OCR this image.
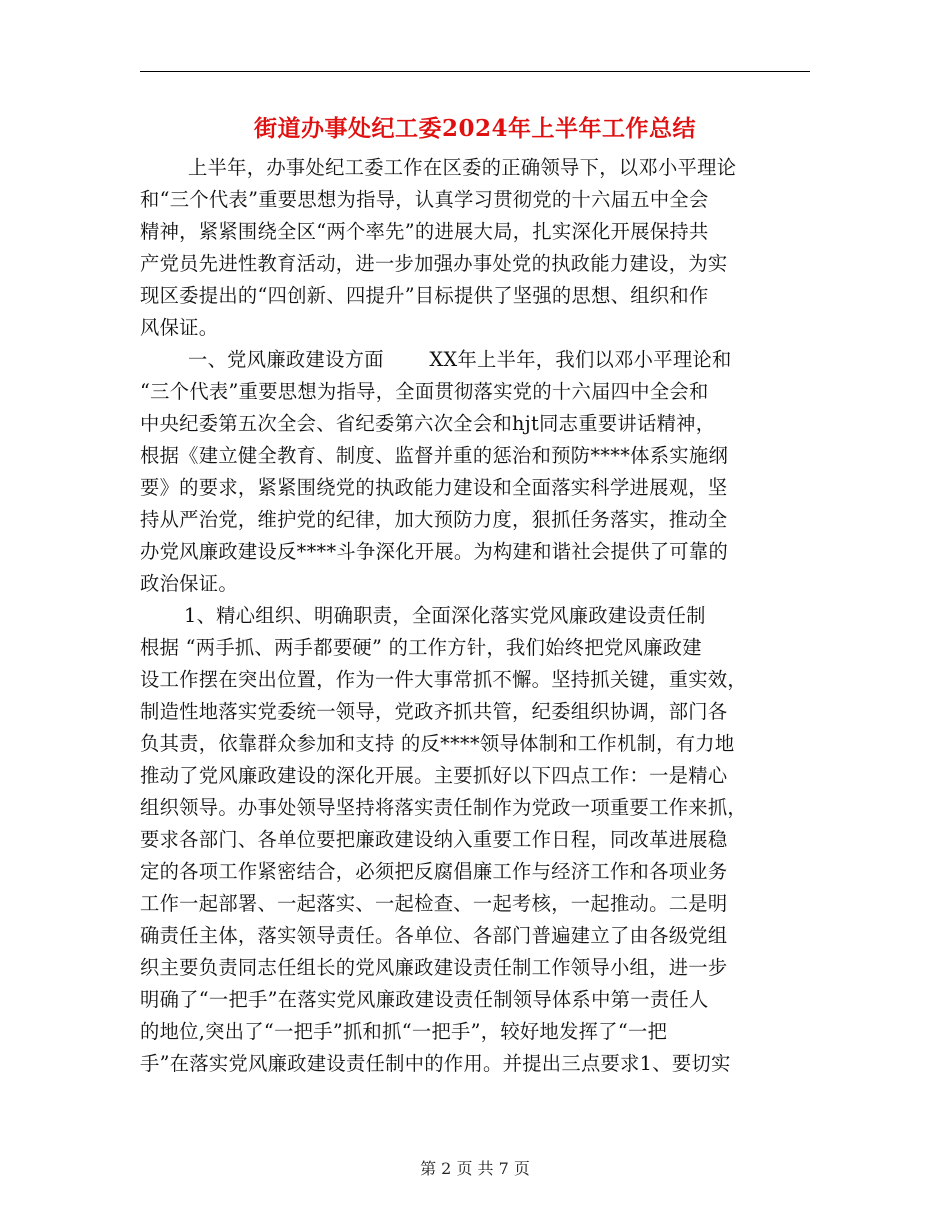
街道办事处纪工委2024年上半年工作总结
上半年，办事处纪工委工作在区委的正确领导下，以邓小平理论
和“三个代表”重要思想为指导，认真学习贯彻党的十六届五中全会
精神，紧紧围绕全区“两个率先”的进展大局，扎实深化开展保持共
产党员先进性教育活动，进一步加强办事处党的执政能力建设，为实
现区委提出的“四创新、四提升”目标提供了坚强的思想、组织和作
风保证。
一、党风廉政建设方面　　 XX年上半年，我们以邓小平理论和
“三个代表”重要思想为指导，全面贯彻落实党的十六届四中全会和
中央纪委第五次全会、省纪委第六次全会和hjt同志重要讲话精神，
根据《建立健全教育、制度、监督并重的惩治和预防****体系实施纲
要》的要求，紧紧围绕党的执政能力建设和全面落实科学进展观，坚
持从严治党，维护党的纪律，加大预防力度，狠抓任务落实，推动全
办党风廉政建设反****斗争深化开展。为构建和谐社会提供了可靠的
政治保证。
1、精心组织、明确职责，全面深化落实党风廉政建设责任制
根据 “两手抓、两手都要硬” 的工作方针，我们始终把党风廉政建
设工作摆在突出位置，作为一件大事常抓不懈。坚持抓关键，重实效，
制造性地落实党委统一领导，党政齐抓共管，纪委组织协调，部门各
负其责，依靠群众参加和支持 的反****领导体制和工作机制，有力地
推动了党风廉政建设的深化开展。主要抓好以下四点工作：一是精心
组织领导。办事处领导坚持将落实责任制作为党政一项重要工作来抓，
要求各部门、各单位要把廉政建设纳入重要工作日程，同改革进展稳
定的各项工作紧密结合，必须把反腐倡廉工作与经济工作和各项业务
工作一起部署、一起落实、一起检查、一起考核，一起推动。二是明
确责任主体，落实领导责任。各单位、各部门普遍建立了由各级党组
织主要负责同志任组长的党风廉政建设责任制工作领导小组，进一步
明确了“一把手”在落实党风廉政建设责任制领导体系中第一责任人
的地位,突出了“一把手”抓和抓“一把手”，较好地发挥了“一把
手”在落实党风廉政建设责任制中的作用。并提出三点要求1、要切实
第 2 页 共 7 页
